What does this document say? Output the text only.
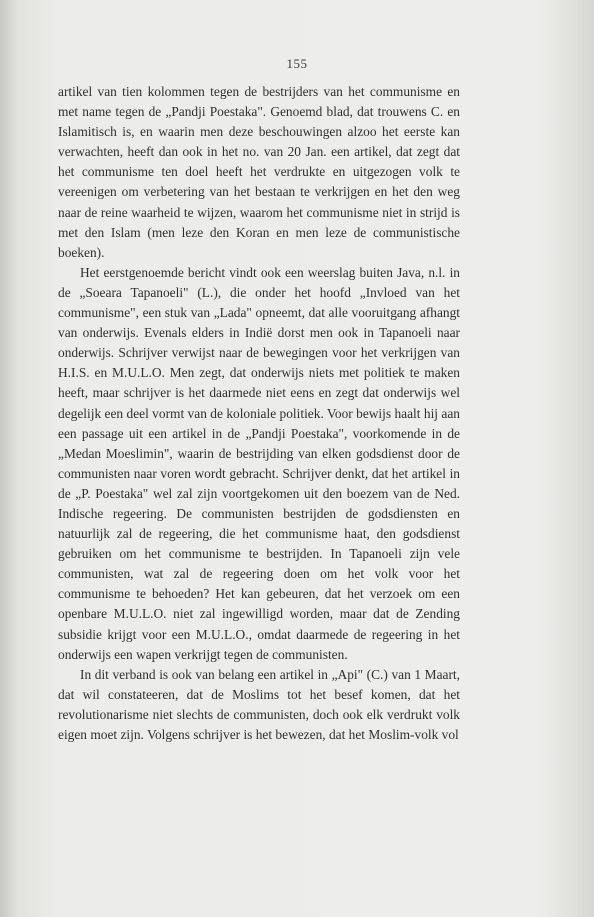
155

artikel van tien kolommen tegen de bestrijders van het communisme en met name tegen de „Pandji Poestaka". Genoemd blad, dat trouwens C. en Islamitisch is, en waarin men deze beschouwingen alzoo het eerste kan verwachten, heeft dan ook in het no. van 20 Jan. een artikel, dat zegt dat het communisme ten doel heeft het verdrukte en uitgezogen volk te vereenigen om verbetering van het bestaan te verkrijgen en het den weg naar de reine waarheid te wijzen, waarom het communisme niet in strijd is met den Islam (men leze den Koran en men leze de communistische boeken).

Het eerstgenoemde bericht vindt ook een weerslag buiten Java, n.l. in de „Soeara Tapanoeli" (L.), die onder het hoofd „Invloed van het communisme", een stuk van „Lada" opneemt, dat alle vooruitgang afhangt van onderwijs. Evenals elders in Indië dorst men ook in Tapanoeli naar onderwijs. Schrijver verwijst naar de bewegingen voor het verkrijgen van H.I.S. en M.U.L.O. Men zegt, dat onderwijs niets met politiek te maken heeft, maar schrijver is het daarmede niet eens en zegt dat onderwijs wel degelijk een deel vormt van de koloniale politiek. Voor bewijs haalt hij aan een passage uit een artikel in de „Pandji Poestaka", voorkomende in de „Medan Moeslimin", waarin de bestrijding van elken godsdienst door de communisten naar voren wordt gebracht. Schrijver denkt, dat het artikel in de „P. Poestaka" wel zal zijn voortgekomen uit den boezem van de Ned. Indische regeering. De communisten bestrijden de godsdiensten en natuurlijk zal de regeering, die het communisme haat, den godsdienst gebruiken om het communisme te bestrijden. In Tapanoeli zijn vele communisten, wat zal de regeering doen om het volk voor het communisme te behoeden? Het kan gebeuren, dat het verzoek om een openbare M.U.L.O. niet zal ingewilligd worden, maar dat de Zending subsidie krijgt voor een M.U.L.O., omdat daarmede de regeering in het onderwijs een wapen verkrijgt tegen de communisten.

In dit verband is ook van belang een artikel in „Api" (C.) van 1 Maart, dat wil constateeren, dat de Moslims tot het besef komen, dat het revolutionarisme niet slechts de communisten, doch ook elk verdrukt volk eigen moet zijn. Volgens schrijver is het bewezen, dat het Moslim-volk vol
